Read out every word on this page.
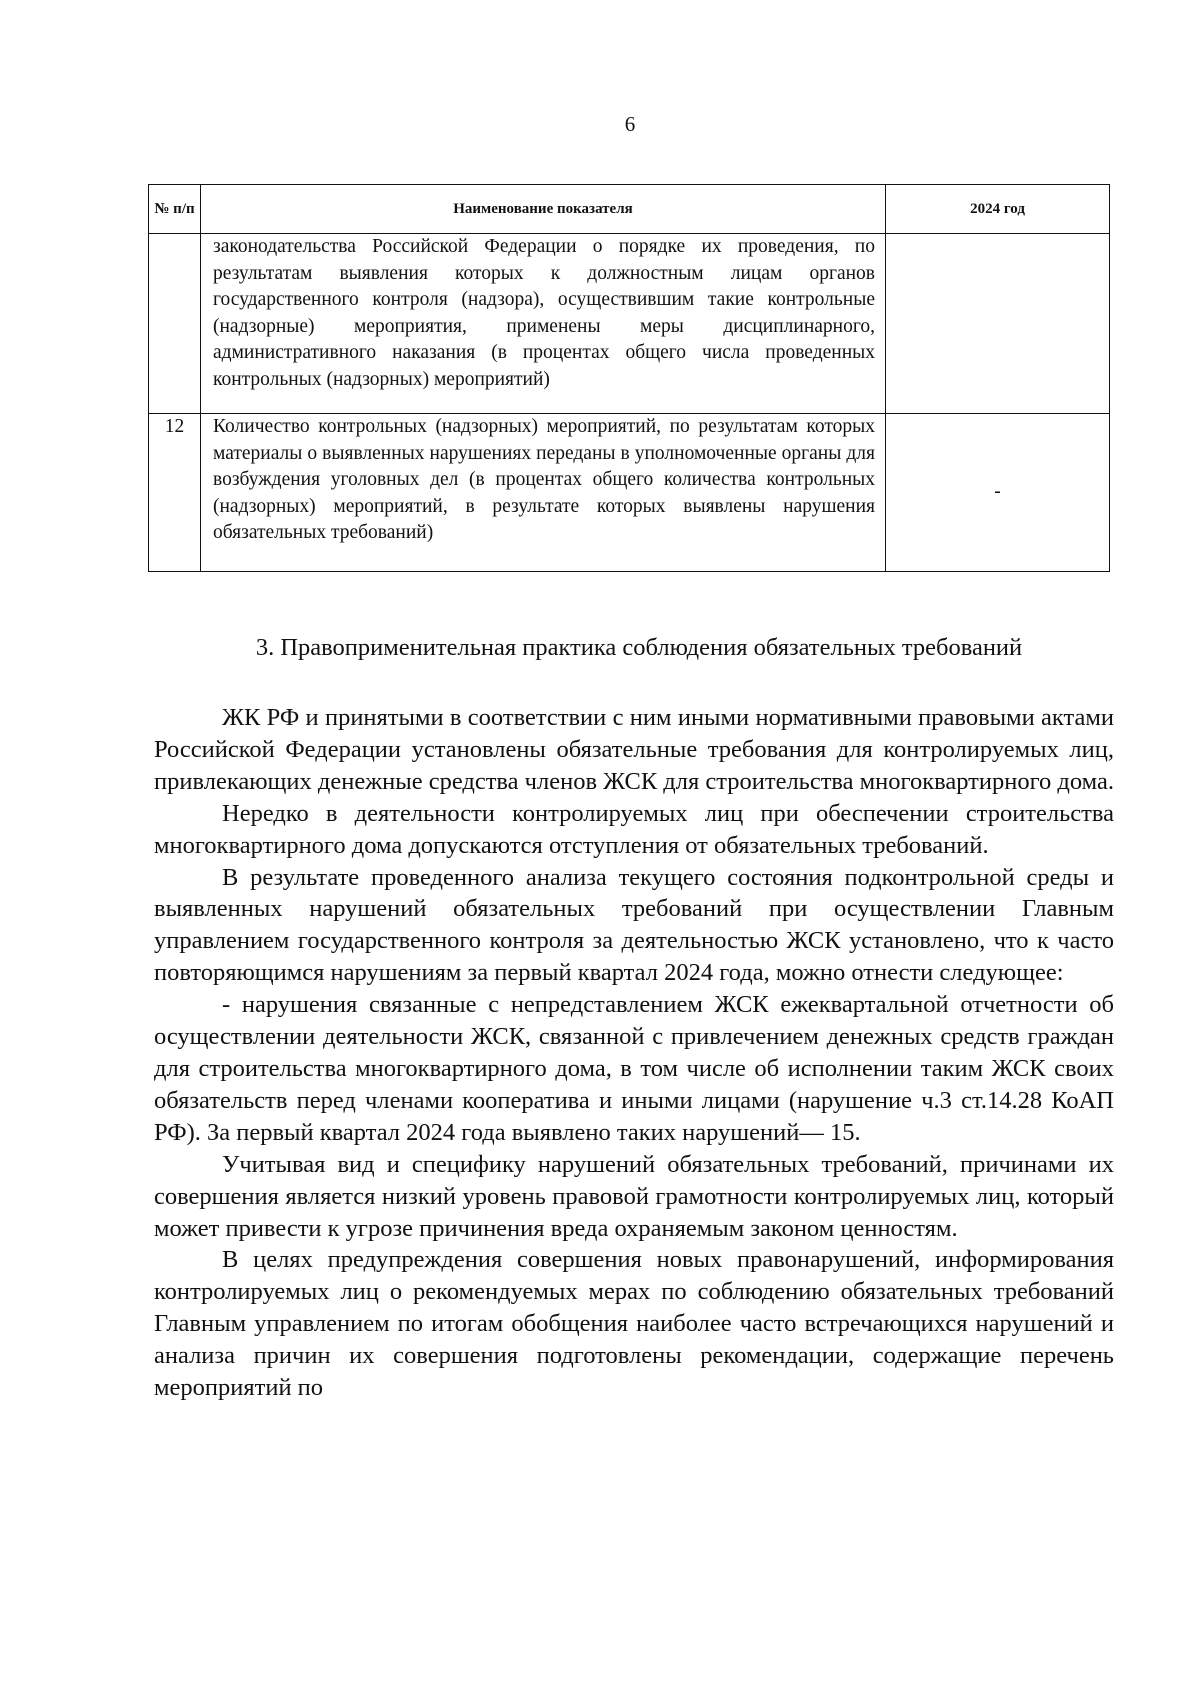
6
№ п/п	Наименование показателя	2024 год
	законодательства Российской Федерации о порядке их проведения, по результатам выявления которых к должностным лицам органов государственного контроля (надзора), осуществившим такие контрольные (надзорные) мероприятия, применены меры дисциплинарного, административного наказания (в процентах общего числа проведенных контрольных (надзорных) мероприятий)	
12	Количество контрольных (надзорных) мероприятий, по результатам которых материалы о выявленных нарушениях переданы в уполномоченные органы для возбуждения уголовных дел (в процентах общего количества контрольных (надзорных) мероприятий, в результате которых выявлены нарушения обязательных требований)	-
3. Правоприменительная практика соблюдения обязательных требований

ЖК РФ и принятыми в соответствии с ним иными нормативными правовыми актами Российской Федерации установлены обязательные требования для контролируемых лиц, привлекающих денежные средства членов ЖСК для строительства многоквартирного дома.

Нередко в деятельности контролируемых лиц при обеспечении строительства многоквартирного дома допускаются отступления от обязательных требований.

В результате проведенного анализа текущего состояния подконтрольной среды и выявленных нарушений обязательных требований при осуществлении Главным управлением государственного контроля за деятельностью ЖСК установлено, что к часто повторяющимся нарушениям за первый квартал 2024 года, можно отнести следующее:

- нарушения связанные с непредставлением ЖСК ежеквартальной отчетности об осуществлении деятельности ЖСК, связанной с привлечением денежных средств граждан для строительства многоквартирного дома, в том числе об исполнении таким ЖСК своих обязательств перед членами кооператива и иными лицами (нарушение ч.3 ст.14.28 КоАП РФ). За первый квартал 2024 года выявлено таких нарушений— 15.

Учитывая вид и специфику нарушений обязательных требований, причинами их совершения является низкий уровень правовой грамотности контролируемых лиц, который может привести к угрозе причинения вреда охраняемым законом ценностям.

В целях предупреждения совершения новых правонарушений, информирования контролируемых лиц о рекомендуемых мерах по соблюдению обязательных требований Главным управлением по итогам обобщения наиболее часто встречающихся нарушений и анализа причин их совершения подготовлены рекомендации, содержащие перечень мероприятий по
